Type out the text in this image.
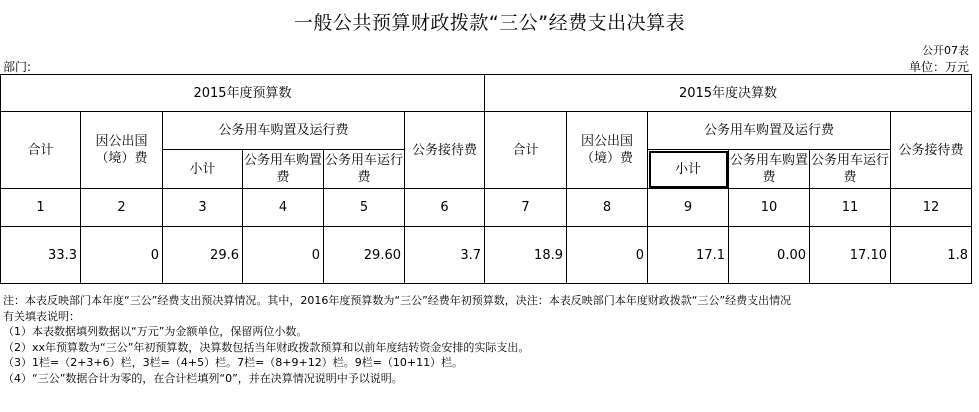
一般公共预算财政拨款“三公”经费支出决算表
公开07表
部门:	单位：万元
2015年度预算数						2015年度决算数					
合计	因公出国（境）费	公务用车购置及运行费			公务接待费	合计	因公出国（境）费	公务用车购置及运行费			公务接待费
		小计	公务用车购置费	公务用车运行费				小计	公务用车购置费	公务用车运行费	
1	2	3	4	5	6	7	8	9	10	11	12
33.3	0	29.6	0	29.60	3.7	18.9	0	17.1	0.00	17.10	1.8
注：本表反映部门本年度“三公”经费支出预决算情况。其中，2016年度预算数为“三公”经费年初预算数，决注：本表反映部门本年度财政拨款“三公”经费支出情况
有关填表说明：
（1）本表数据填列数据以“万元”为金额单位，保留两位小数。
（2）xx年预算数为“三公”年初预算数，决算数包括当年财政拨款预算和以前年度结转资金安排的实际支出。
（3）1栏=（2+3+6）栏，3栏=（4+5）栏。7栏=（8+9+12）栏。9栏=（10+11）栏。
（4）“三公”数据合计为零的，在合计栏填列“0”，并在决算情况说明中予以说明。
